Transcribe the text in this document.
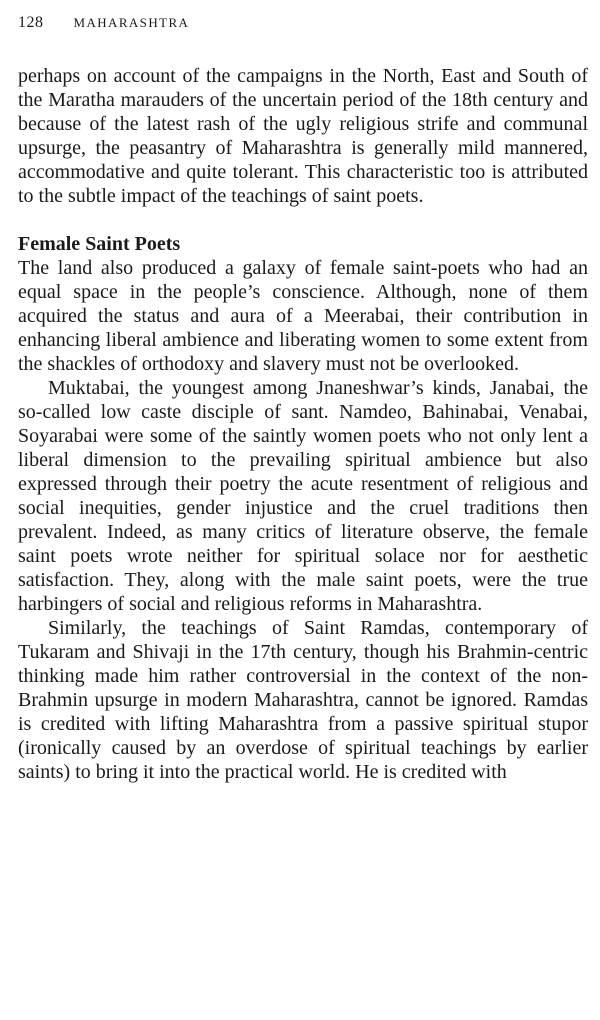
128 MAHARASHTRA

perhaps on account of the campaigns in the North, East and South of the Maratha marauders of the uncertain period of the 18th century and because of the latest rash of the ugly religious strife and communal upsurge, the peasantry of Maharashtra is generally mild mannered, accommodative and quite tolerant. This characteristic too is attributed to the subtle impact of the teachings of saint poets.

Female Saint Poets

The land also produced a galaxy of female saint-poets who had an equal space in the people’s conscience. Although, none of them acquired the status and aura of a Meerabai, their contribution in enhancing liberal ambience and liberating women to some extent from the shackles of orthodoxy and slavery must not be overlooked.

Muktabai, the youngest among Jnaneshwar’s kinds, Janabai, the so-called low caste disciple of sant. Namdeo, Bahinabai, Venabai, Soyarabai were some of the saintly women poets who not only lent a liberal dimension to the prevailing spiritual ambience but also expressed through their poetry the acute resentment of religious and social inequities, gender injustice and the cruel traditions then prevalent. Indeed, as many critics of literature observe, the female saint poets wrote neither for spiritual solace nor for aesthetic satisfaction. They, along with the male saint poets, were the true harbingers of social and religious reforms in Maharashtra.

Similarly, the teachings of Saint Ramdas, contemporary of Tukaram and Shivaji in the 17th century, though his Brahmin-centric thinking made him rather controversial in the context of the non-Brahmin upsurge in modern Maharashtra, cannot be ignored. Ramdas is credited with lifting Maharashtra from a passive spiritual stupor (ironically caused by an overdose of spiritual teachings by earlier saints) to bring it into the practical world. He is credited with
